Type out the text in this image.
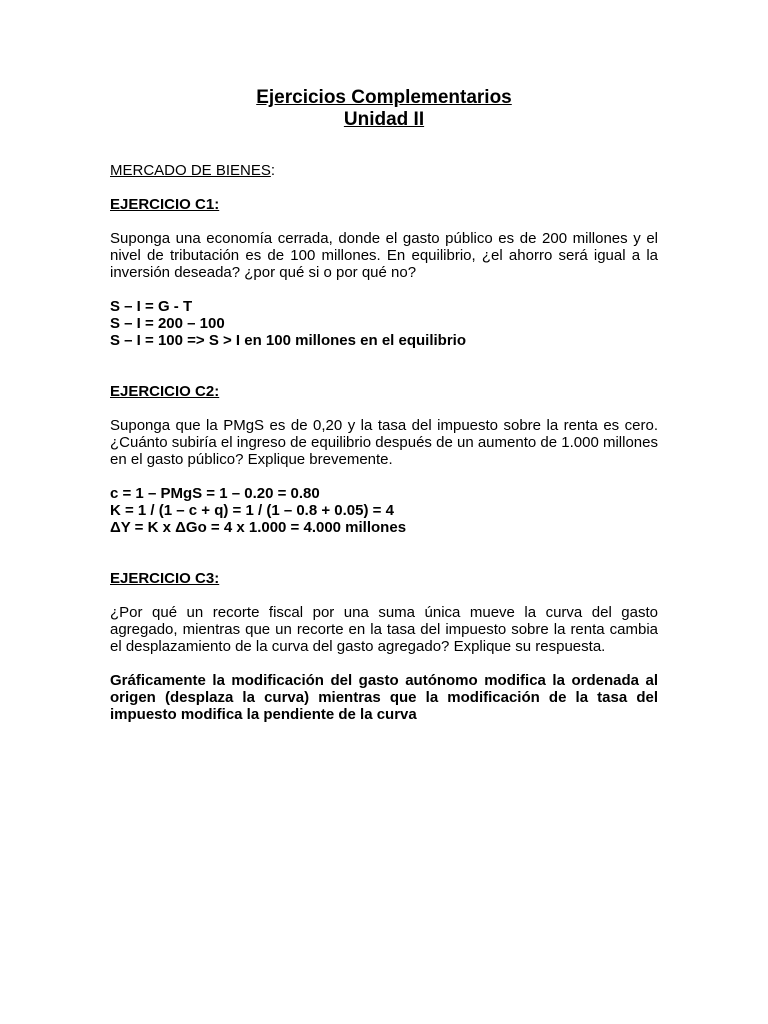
Ejercicios Complementarios
Unidad II

MERCADO DE BIENES:

EJERCICIO C1:

Suponga una economía cerrada, donde el gasto público es de 200 millones y el nivel de tributación es de 100 millones. En equilibrio, ¿el ahorro será igual a la inversión deseada? ¿por qué si o por qué no?

S – I = G - T

S – I = 200 – 100

S – I = 100 => S > I en 100 millones en el equilibrio

EJERCICIO C2:

Suponga que la PMgS es de 0,20 y la tasa del impuesto sobre la renta es cero. ¿Cuánto subiría el ingreso de equilibrio después de un aumento de 1.000 millones en el gasto público? Explique brevemente.

c = 1 – PMgS = 1 – 0.20 = 0.80

K = 1 / (1 – c + q) = 1 / (1 – 0.8 + 0.05) = 4

ΔY = K x ΔGo = 4 x 1.000 = 4.000 millones

EJERCICIO C3:

¿Por qué un recorte fiscal por una suma única mueve la curva del gasto agregado, mientras que un recorte en la tasa del impuesto sobre la renta cambia el desplazamiento de la curva del gasto agregado? Explique su respuesta.

Gráficamente la modificación del gasto autónomo modifica la ordenada al origen (desplaza la curva) mientras que la modificación de la tasa del impuesto modifica la pendiente de la curva
